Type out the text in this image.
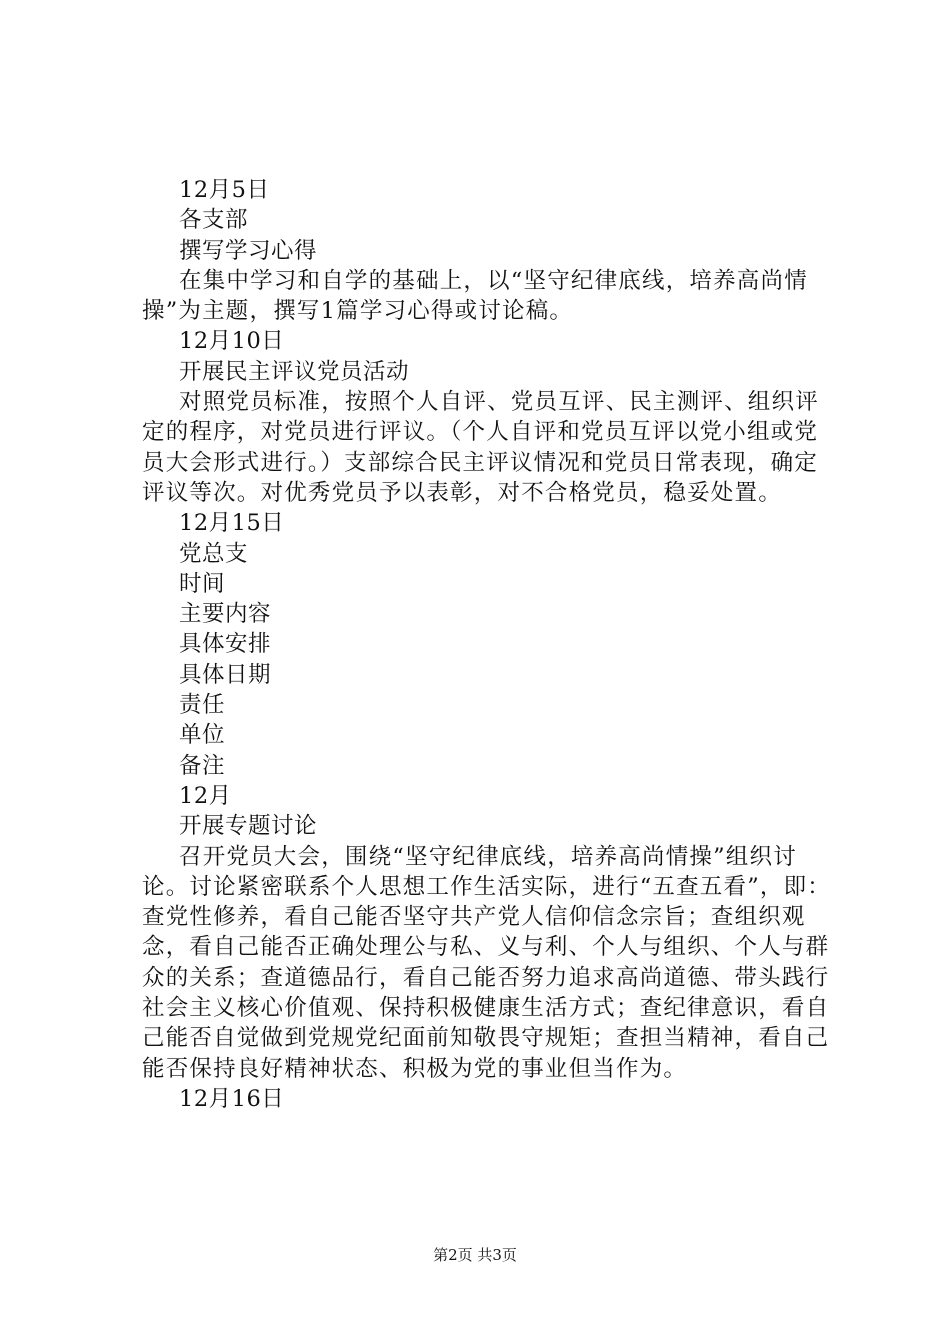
12月5日
各支部
撰写学习心得
在集中学习和自学的基础上，以“坚守纪律底线，培养高尚情操”为主题，撰写1篇学习心得或讨论稿。
12月10日
开展民主评议党员活动
对照党员标准，按照个人自评、党员互评、民主测评、组织评定的程序，对党员进行评议。（个人自评和党员互评以党小组或党员大会形式进行。）支部综合民主评议情况和党员日常表现，确定评议等次。对优秀党员予以表彰，对不合格党员，稳妥处置。
12月15日
党总支
时间
主要内容
具体安排
具体日期
责任
单位
备注
12月
开展专题讨论
召开党员大会，围绕“坚守纪律底线，培养高尚情操”组织讨论。讨论紧密联系个人思想工作生活实际，进行“五查五看”，即：查党性修养，看自己能否坚守共产党人信仰信念宗旨；查组织观念，看自己能否正确处理公与私、义与利、个人与组织、个人与群众的关系；查道德品行，看自己能否努力追求高尚道德、带头践行社会主义核心价值观、保持积极健康生活方式；查纪律意识，看自己能否自觉做到党规党纪面前知敬畏守规矩；查担当精神，看自己能否保持良好精神状态、积极为党的事业但当作为。
12月16日
第2页 共3页
